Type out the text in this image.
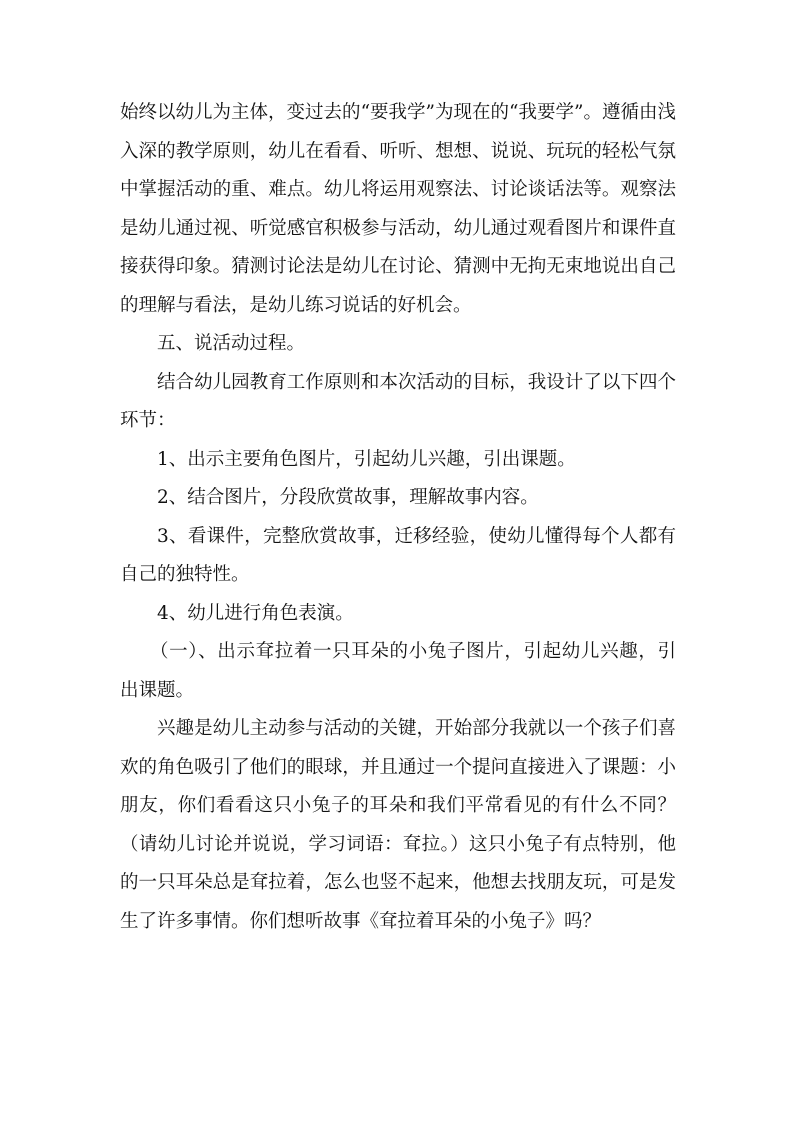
始终以幼儿为主体，变过去的“要我学”为现在的“我要学”。遵循由浅入深的教学原则，幼儿在看看、听听、想想、说说、玩玩的轻松气氛中掌握活动的重、难点。幼儿将运用观察法、讨论谈话法等。观察法是幼儿通过视、听觉感官积极参与活动，幼儿通过观看图片和课件直接获得印象。猜测讨论法是幼儿在讨论、猜测中无拘无束地说出自己的理解与看法，是幼儿练习说话的好机会。

五、说活动过程。

结合幼儿园教育工作原则和本次活动的目标，我设计了以下四个环节：

1、出示主要角色图片，引起幼儿兴趣，引出课题。

2、结合图片，分段欣赏故事，理解故事内容。

3、看课件，完整欣赏故事，迁移经验，使幼儿懂得每个人都有自己的独特性。

4、幼儿进行角色表演。

（一）、出示耷拉着一只耳朵的小兔子图片，引起幼儿兴趣，引出课题。

兴趣是幼儿主动参与活动的关键，开始部分我就以一个孩子们喜欢的角色吸引了他们的眼球，并且通过一个提问直接进入了课题：小朋友，你们看看这只小兔子的耳朵和我们平常看见的有什么不同？（请幼儿讨论并说说，学习词语：耷拉。）这只小兔子有点特别，他的一只耳朵总是耷拉着，怎么也竖不起来，他想去找朋友玩，可是发生了许多事情。你们想听故事《耷拉着耳朵的小兔子》吗？
